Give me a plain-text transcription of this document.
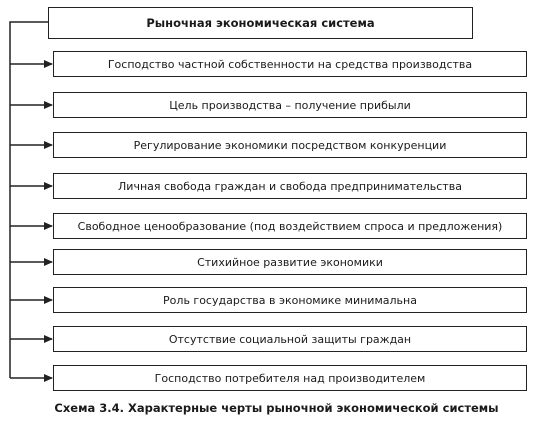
Рыночная экономическая система
Господство частной собственности на средства производства
Цель производства – получение прибыли
Регулирование экономики посредством конкуренции
Личная свобода граждан и свобода предпринимательства
Свободное ценообразование (под воздействием спроса и предложения)
Стихийное развитие экономики
Роль государства в экономике минимальна
Отсутствие социальной защиты граждан
Господство потребителя над производителем
Схема 3.4. Характерные черты рыночной экономической системы
